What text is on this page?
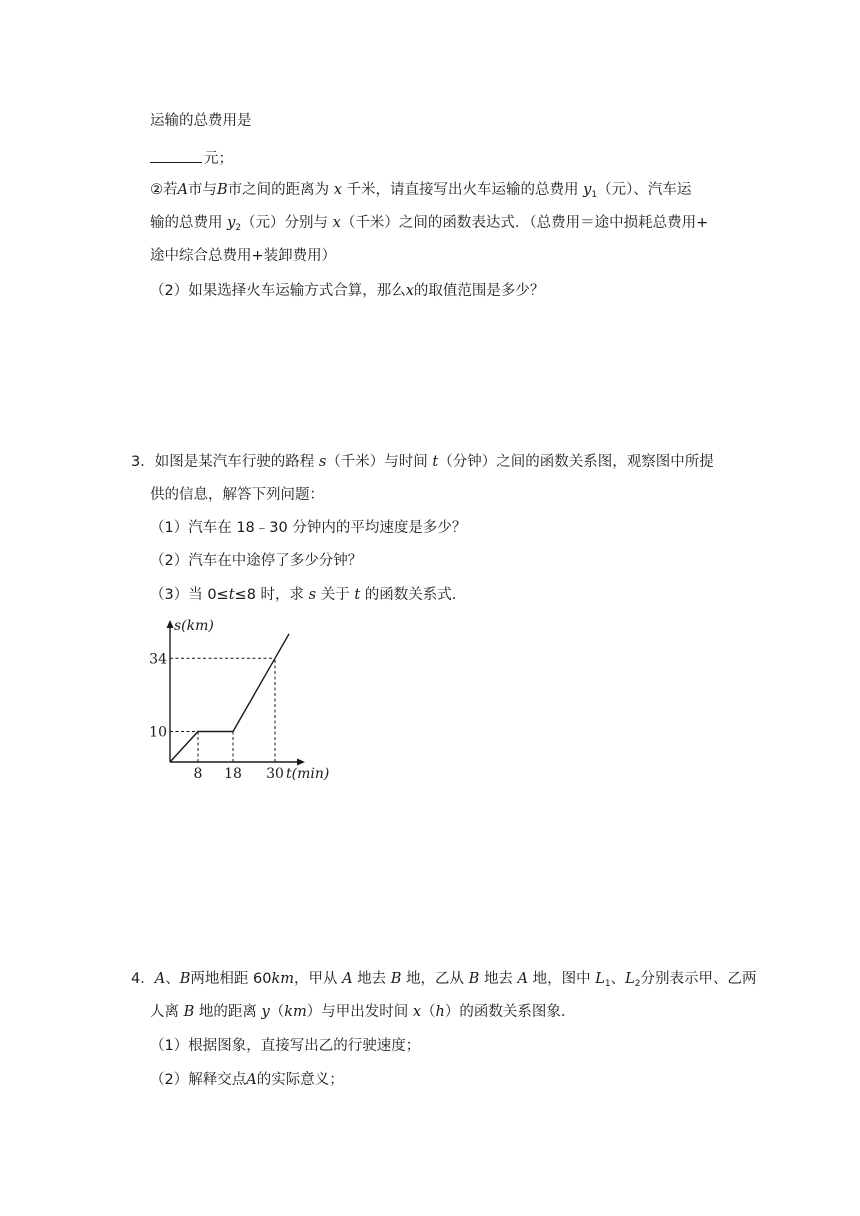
运输的总费用是
元；
②若A市与B市之间的距离为 x 千米，请直接写出火车运输的总费用 $y_1$（元）、汽车运
输的总费用 $y_2$（元）分别与 x（千米）之间的函数表达式．（总费用＝途中损耗总费用+
途中综合总费用+装卸费用）
（2）如果选择火车运输方式合算，那么x的取值范围是多少？
3．如图是某汽车行驶的路程 s（千米）与时间 t（分钟）之间的函数关系图，观察图中所提
供的信息，解答下列问题：
（1）汽车在 18﹣30 分钟内的平均速度是多少？
（2）汽车在中途停了多少分钟？
（3）当 0≤t≤8 时，求 s 关于 t 的函数关系式．
8 18 30
10
34
t(min)
s(km)
4．A、B两地相距 60km，甲从 A 地去 B 地，乙从 B 地去 A 地，图中 $L_1$、$L_2$分别表示甲、乙两
人离 B 地的距离 y（km）与甲出发时间 x（h）的函数关系图象．
（1）根据图象，直接写出乙的行驶速度；
（2）解释交点A的实际意义；
